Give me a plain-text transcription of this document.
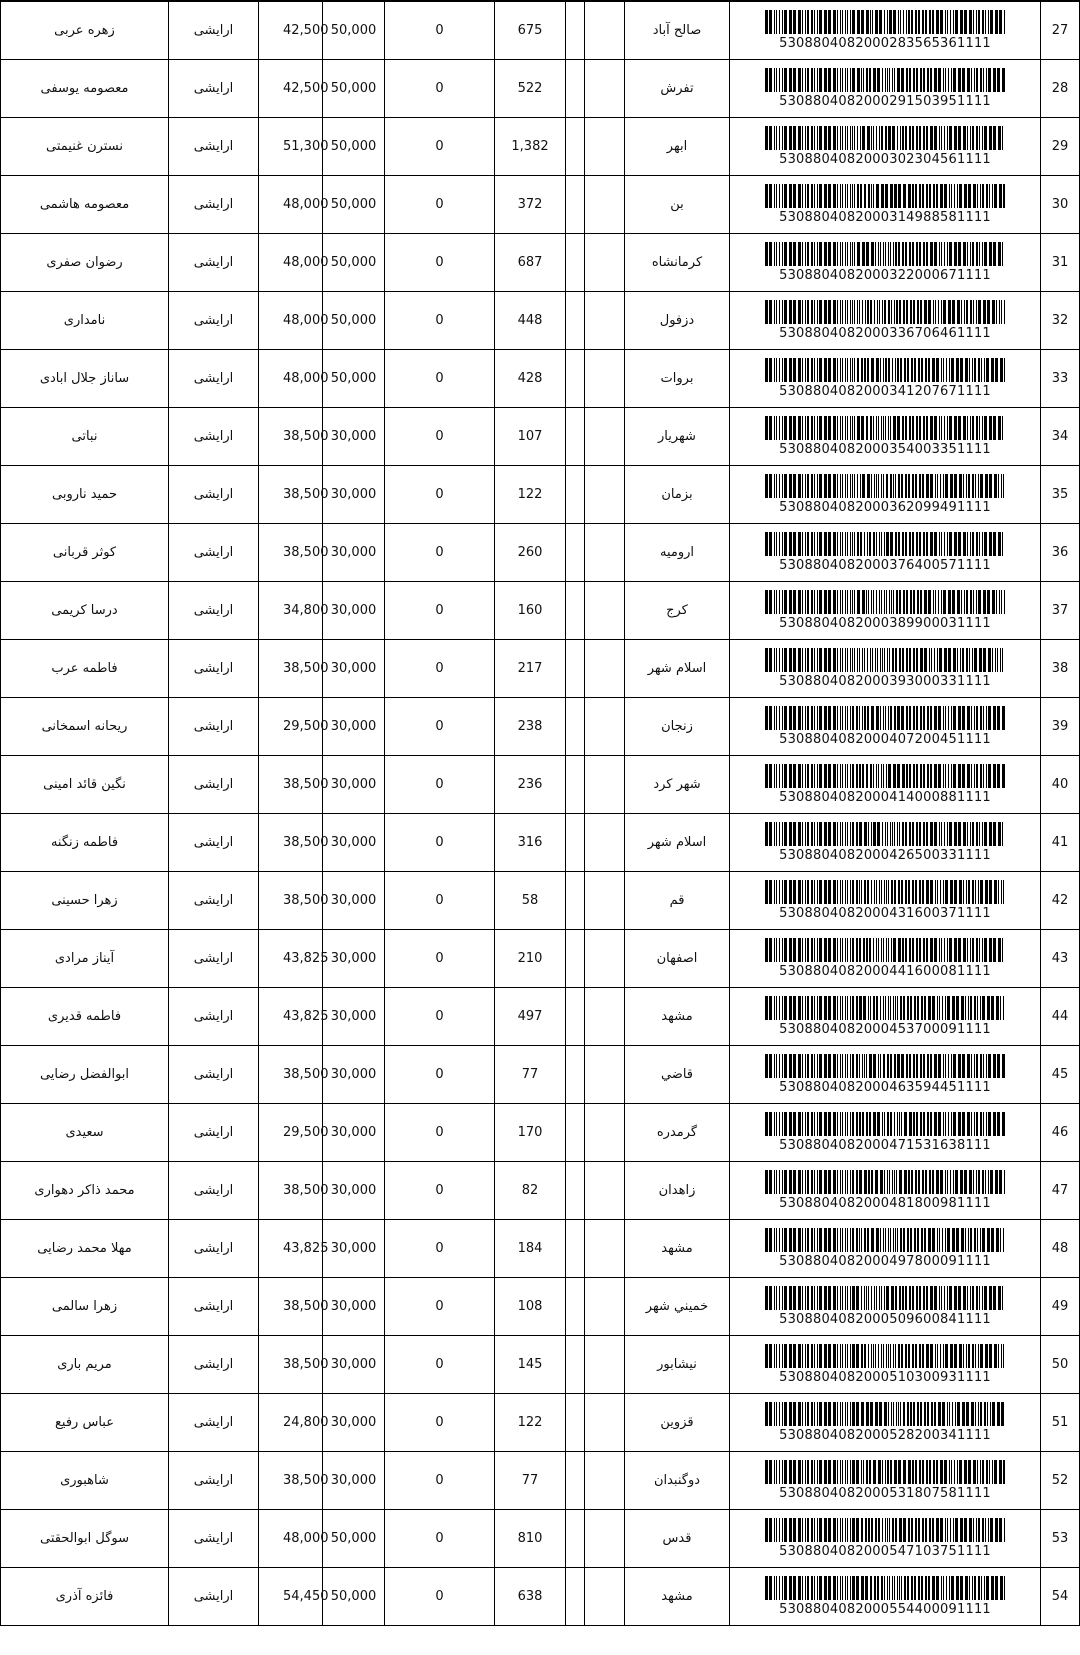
زهره عربی	ارایشی	42,500	50,000	0	675			صالح آباد	5308804082000283565361111	27
معصومه یوسفی	ارایشی	42,500	50,000	0	522			تفرش	5308804082000291503951111	28
نسترن غنیمتی	ارایشی	51,300	50,000	0	1,382			ابهر	5308804082000302304561111	29
معصومه هاشمی	ارایشی	48,000	50,000	0	372			بن	5308804082000314988581111	30
رضوان صفری	ارایشی	48,000	50,000	0	687			کرمانشاه	5308804082000322000671111	31
نامداری	ارایشی	48,000	50,000	0	448			دزفول	5308804082000336706461111	32
ساناز جلال ابادی	ارایشی	48,000	50,000	0	428			بروات	5308804082000341207671111	33
نباتی	ارایشی	38,500	30,000	0	107			شهریار	5308804082000354003351111	34
حمید ناروبی	ارایشی	38,500	30,000	0	122			بزمان	5308804082000362099491111	35
کوثر قربانی	ارایشی	38,500	30,000	0	260			ارومیه	5308804082000376400571111	36
درسا کریمی	ارایشی	34,800	30,000	0	160			کرج	5308804082000389900031111	37
فاطمه عرب	ارایشی	38,500	30,000	0	217			اسلام شهر	5308804082000393000331111	38
ریحانه اسمخانی	ارایشی	29,500	30,000	0	238			زنجان	5308804082000407200451111	39
نگین قائد امینی	ارایشی	38,500	30,000	0	236			شهر کرد	5308804082000414000881111	40
فاطمه زنگنه	ارایشی	38,500	30,000	0	316			اسلام شهر	5308804082000426500331111	41
زهرا حسینی	ارایشی	38,500	30,000	0	58			قم	5308804082000431600371111	42
آیناز مرادی	ارایشی	43,825	30,000	0	210			اصفهان	5308804082000441600081111	43
فاطمه قدیری	ارایشی	43,825	30,000	0	497			مشهد	5308804082000453700091111	44
ابوالفضل رضایی	ارایشی	38,500	30,000	0	77			قاضي	5308804082000463594451111	45
سعیدی	ارایشی	29,500	30,000	0	170			گرمدره	5308804082000471531638111	46
محمد ذاکر دهواری	ارایشی	38,500	30,000	0	82			زاهدان	5308804082000481800981111	47
مهلا محمد رضایی	ارایشی	43,825	30,000	0	184			مشهد	5308804082000497800091111	48
زهرا سالمی	ارایشی	38,500	30,000	0	108			خميني شهر	5308804082000509600841111	49
مریم باری	ارایشی	38,500	30,000	0	145			نیشابور	5308804082000510300931111	50
عباس رفیع	ارایشی	24,800	30,000	0	122			قزوین	5308804082000528200341111	51
شاهبوری	ارایشی	38,500	30,000	0	77			دوگنبدان	5308804082000531807581111	52
سوگل ابوالحقتی	ارایشی	48,000	50,000	0	810			قدس	5308804082000547103751111	53
فائزه آذری	ارایشی	54,450	50,000	0	638			مشهد	5308804082000554400091111	54
